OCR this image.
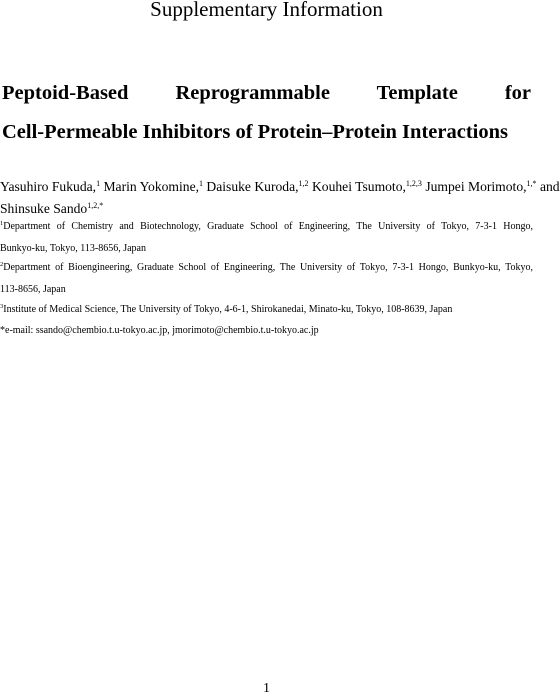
Supplementary Information
Peptoid-Based Reprogrammable Template for
Cell-Permeable Inhibitors of Protein–Protein Interactions
Yasuhiro Fukuda,$^1$ Marin Yokomine,$^1$ Daisuke Kuroda,$^{1,2}$ Kouhei Tsumoto,$^{1,2,3}$ Jumpei Morimoto,$^{1,*}$ and
Shinsuke Sando$^{1,2,*}$
$^1$Department of Chemistry and Biotechnology, Graduate School of Engineering, The University of Tokyo, 7-3-1 Hongo,
Bunkyo-ku, Tokyo, 113-8656, Japan
$^2$Department of Bioengineering, Graduate School of Engineering, The University of Tokyo, 7-3-1 Hongo, Bunkyo-ku, Tokyo,
113-8656, Japan
$^3$Institute of Medical Science, The University of Tokyo, 4-6-1, Shirokanedai, Minato-ku, Tokyo, 108-8639, Japan
*e-mail: ssando@chembio.t.u-tokyo.ac.jp, jmorimoto@chembio.t.u-tokyo.ac.jp
1
